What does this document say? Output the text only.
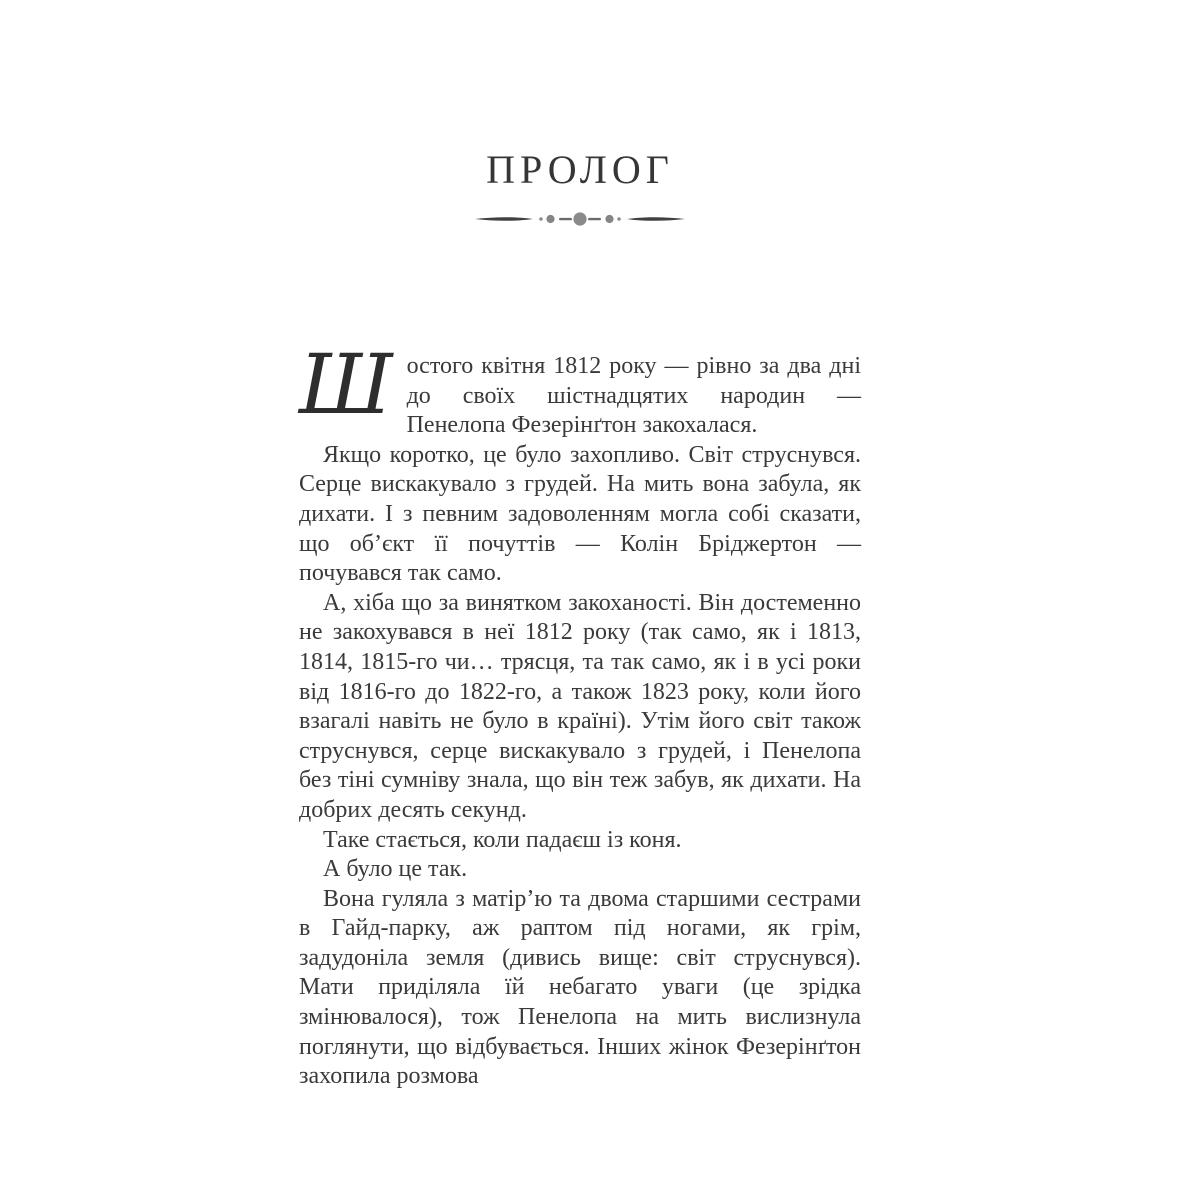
ПРОЛОГ

Шостого квітня 1812 року — рівно за два дні до своїх шістнадцятих народин — Пенелопа Фезерінґтон закохалася.

Якщо коротко, це було захопливо. Світ струснувся. Серце вискакувало з грудей. На мить вона забула, як дихати. І з певним задоволенням могла собі сказати, що об’єкт її почуттів — Колін Бріджертон — почувався так само.

А, хіба що за винятком закоханості. Він достеменно не закохувався в неї 1812 року (так само, як і 1813, 1814, 1815-го чи… трясця, та так само, як і в усі роки від 1816-го до 1822-го, а також 1823 року, коли його взагалі навіть не було в країні). Утім його світ також струснувся, серце вискакувало з грудей, і Пенелопа без тіні сумніву знала, що він теж забув, як дихати. На добрих десять секунд.

Таке стається, коли падаєш із коня.

А було це так.

Вона гуляла з матір’ю та двома старшими сестрами в Гайд-парку, аж раптом під ногами, як грім, задудоніла земля (дивись вище: світ струснувся). Мати приділяла їй небагато уваги (це зрідка змінювалося), тож Пенелопа на мить вислизнула поглянути, що відбувається. Інших жінок Фезерінґтон захопила розмова
